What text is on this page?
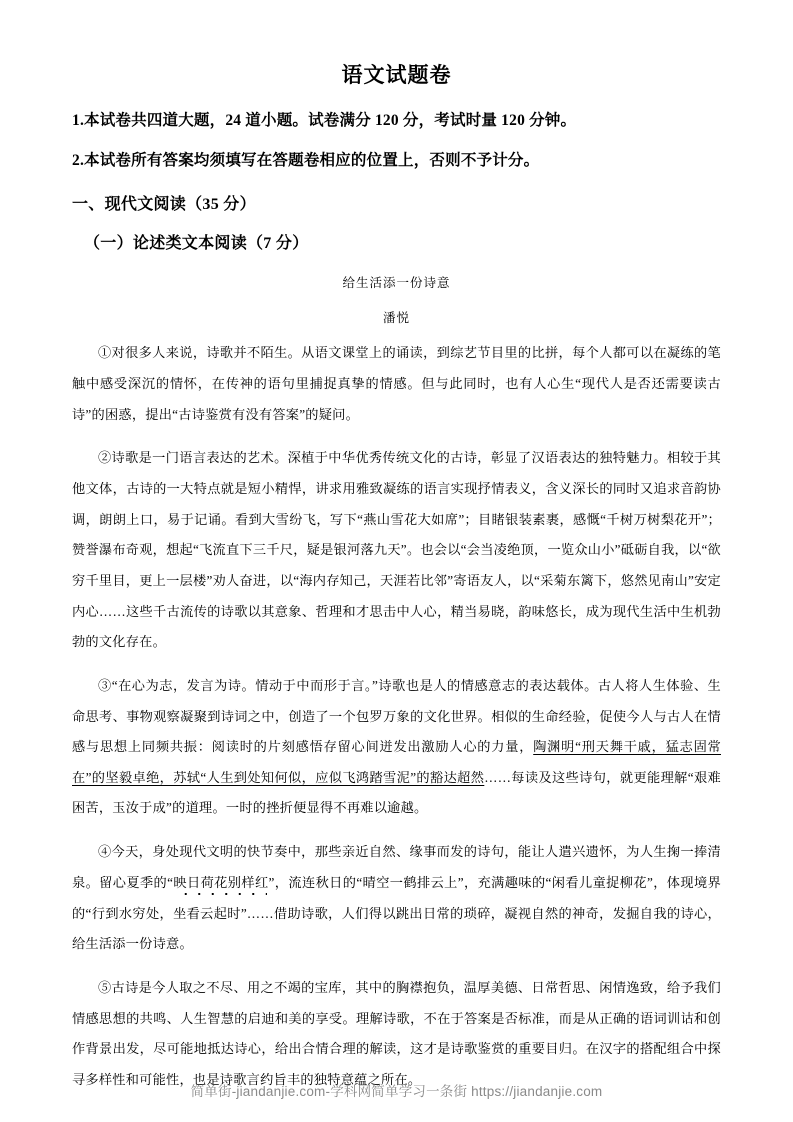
语文试题卷

1.本试卷共四道大题，24 道小题。试卷满分 120 分，考试时量 120 分钟。

2.本试卷所有答案均须填写在答题卷相应的位置上，否则不予计分。

一、现代文阅读（35 分）

（一）论述类文本阅读（7 分）

给生活添一份诗意

潘悦

①对很多人来说，诗歌并不陌生。从语文课堂上的诵读，到综艺节目里的比拼，每个人都可以在凝练的笔触中感受深沉的情怀，在传神的语句里捕捉真挚的情感。但与此同时，也有人心生“现代人是否还需要读古诗”的困惑，提出“古诗鉴赏有没有答案”的疑问。

②诗歌是一门语言表达的艺术。深植于中华优秀传统文化的古诗，彰显了汉语表达的独特魅力。相较于其他文体，古诗的一大特点就是短小精悍，讲求用雅致凝练的语言实现抒情表义，含义深长的同时又追求音韵协调，朗朗上口，易于记诵。看到大雪纷飞，写下“燕山雪花大如席”；目睹银装素裹，感慨“千树万树梨花开”；赞誉瀑布奇观，想起“飞流直下三千尺，疑是银河落九天”。也会以“会当凌绝顶，一览众山小”砥砺自我，以“欲穷千里目，更上一层楼”劝人奋进，以“海内存知己，天涯若比邻”寄语友人，以“采菊东篱下，悠然见南山”安定内心……这些千古流传的诗歌以其意象、哲理和才思击中人心，精当易晓，韵味悠长，成为现代生活中生机勃勃的文化存在。

③“在心为志，发言为诗。情动于中而形于言。”诗歌也是人的情感意志的表达载体。古人将人生体验、生命思考、事物观察凝聚到诗词之中，创造了一个包罗万象的文化世界。相似的生命经验，促使今人与古人在情感与思想上同频共振：阅读时的片刻感悟存留心间迸发出激励人心的力量，陶渊明“刑天舞干戚，猛志固常在”的坚毅卓绝，苏轼“人生到处知何似，应似飞鸿踏雪泥”的豁达超然……每读及这些诗句，就更能理解“艰难困苦，玉汝于成”的道理。一时的挫折便显得不再难以逾越。

④今天，身处现代文明的快节奏中，那些亲近自然、缘事而发的诗句，能让人遣兴遗怀，为人生掬一捧清泉。留心夏季的“映日荷花别样红”，流连秋日的“晴空一鹤排云上”，充满趣味的“闲看儿童捉柳花”，体现境界的“行到水穷处，坐看云起时”……借助诗歌，人们得以跳出日常的琐碎，凝视自然的神奇，发掘自我的诗心，给生活添一份诗意。

⑤古诗是今人取之不尽、用之不竭的宝库，其中的胸襟抱负，温厚美德、日常哲思、闲情逸致，给予我们情感思想的共鸣、人生智慧的启迪和美的享受。理解诗歌，不在于答案是否标准，而是从正确的语词训诂和创作背景出发，尽可能地抵达诗心，给出合情合理的解读，这才是诗歌鉴赏的重要目归。在汉字的搭配组合中探寻多样性和可能性，也是诗歌言约旨丰的独特意蕴之所在。

简单街-jiandanjie.com-学科网简单学习一条街 https://jiandanjie.com
